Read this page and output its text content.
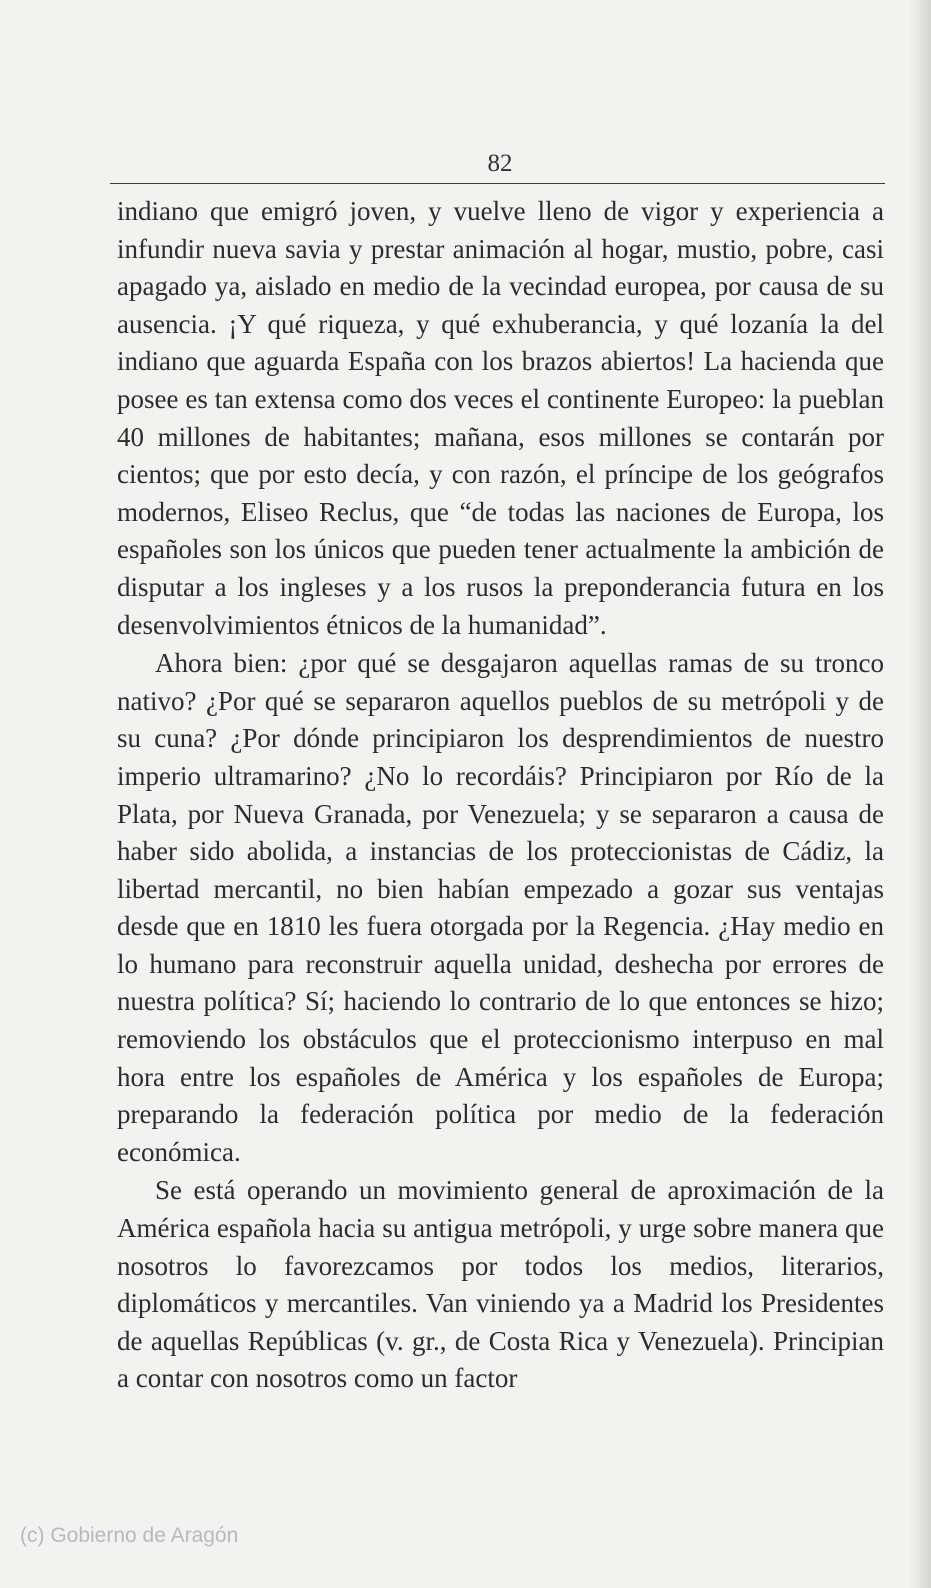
82

indiano que emigró joven, y vuelve lleno de vigor y experiencia a infundir nueva savia y prestar animación al hogar, mustio, pobre, casi apagado ya, aislado en medio de la vecindad europea, por causa de su ausencia. ¡Y qué riqueza, y qué exhuberancia, y qué lozanía la del indiano que aguarda España con los brazos abiertos! La hacienda que posee es tan extensa como dos veces el continente Europeo: la pueblan 40 millones de habitantes; mañana, esos millones se contarán por cientos; que por esto decía, y con razón, el príncipe de los geógrafos modernos, Eliseo Reclus, que “de todas las naciones de Europa, los españoles son los únicos que pueden tener actualmente la ambición de disputar a los ingleses y a los rusos la preponderancia futura en los desenvolvimientos étnicos de la humanidad”.

Ahora bien: ¿por qué se desgajaron aquellas ramas de su tronco nativo? ¿Por qué se separaron aquellos pueblos de su metrópoli y de su cuna? ¿Por dónde principiaron los desprendimientos de nuestro imperio ultramarino? ¿No lo recordáis? Principiaron por Río de la Plata, por Nueva Granada, por Venezuela; y se separaron a causa de haber sido abolida, a instancias de los proteccionistas de Cádiz, la libertad mercantil, no bien habían empezado a gozar sus ventajas desde que en 1810 les fuera otorgada por la Regencia. ¿Hay medio en lo humano para reconstruir aquella unidad, deshecha por errores de nuestra política? Sí; haciendo lo contrario de lo que entonces se hizo; removiendo los obstáculos que el proteccionismo interpuso en mal hora entre los españoles de América y los españoles de Europa; preparando la federación política por medio de la federación económica.

Se está operando un movimiento general de aproximación de la América española hacia su antigua metrópoli, y urge sobre manera que nosotros lo favorezcamos por todos los medios, literarios, diplomáticos y mercantiles. Van viniendo ya a Madrid los Presidentes de aquellas Repúblicas (v. gr., de Costa Rica y Venezuela). Principian a contar con nosotros como un factor

(c) Gobierno de Aragón
